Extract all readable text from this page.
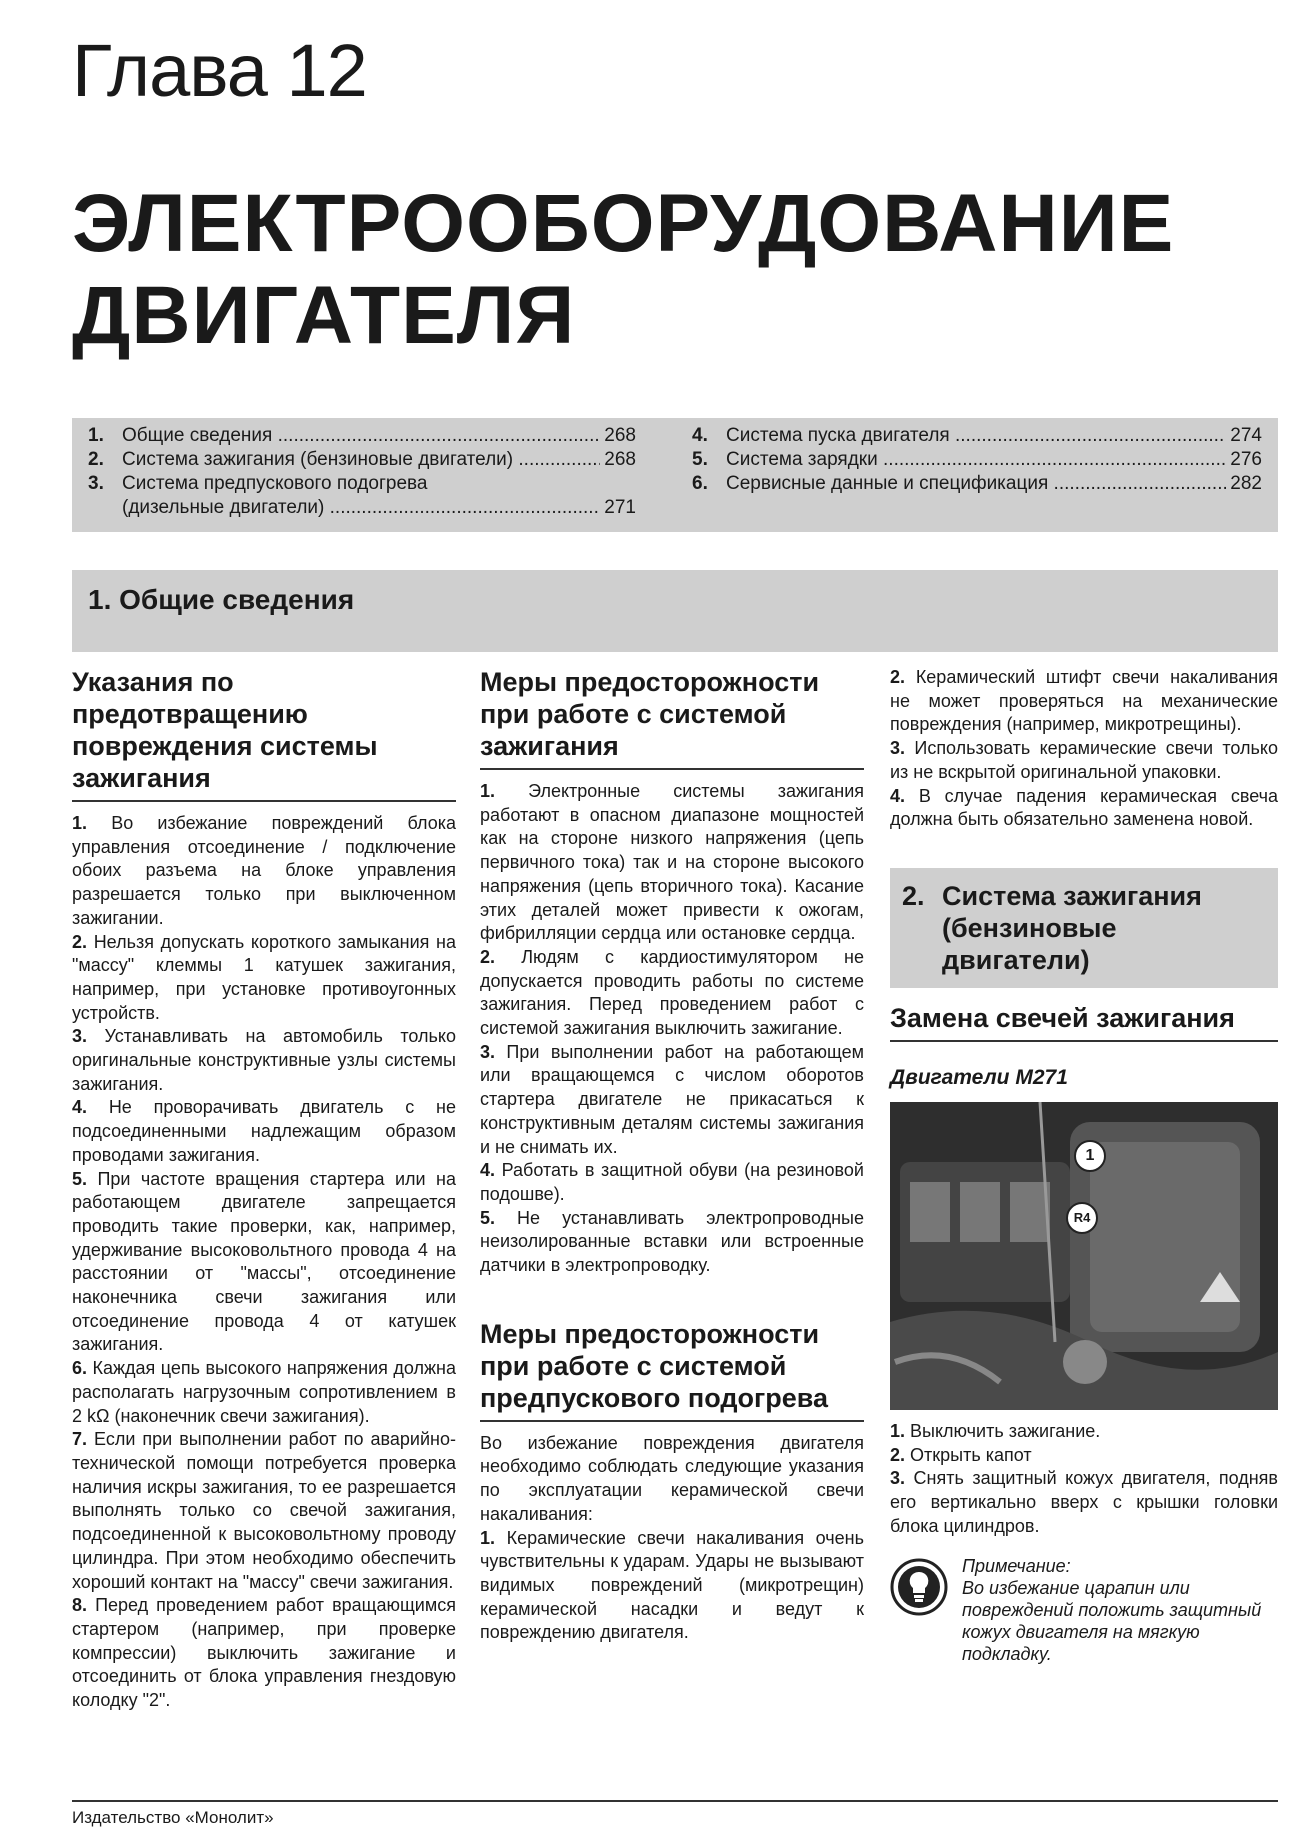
Глава 12
ЭЛЕКТРООБОРУДОВАНИЕ
ДВИГАТЕЛЯ
1. Общие сведения .....	268
2. Система зажигания (бензиновые двигатели) .....	268
3. Система предпускового подогрева
(дизельные двигатели) .....	271
4. Система пуска двигателя .....	274
5. Система зарядки .....	276
6. Сервисные данные и спецификация .....	282
1. Общие сведения
Указания по предотвращению повреждения системы зажигания

1. Во избежание повреждений блока управления отсоединение / подключение обоих разъема на блоке управления разрешается только при выключенном зажигании.

2. Нельзя допускать короткого замыкания на "массу" клеммы 1 катушек зажигания, например, при установке противоугонных устройств.

3. Устанавливать на автомобиль только оригинальные конструктивные узлы системы зажигания.

4. Не проворачивать двигатель с не подсоединенными надлежащим образом проводами зажигания.

5. При частоте вращения стартера или на работающем двигателе запрещается проводить такие проверки, как, например, удерживание высоковольтного провода 4 на расстоянии от "массы", отсоединение наконечника свечи зажигания или отсоединение провода 4 от катушек зажигания.

6. Каждая цепь высокого напряжения должна располагать нагрузочным сопротивлением в 2 kΩ (наконечник свечи зажигания).

7. Если при выполнении работ по аварийно-технической помощи потребуется проверка наличия искры зажигания, то ее разрешается выполнять только со свечой зажигания, подсоединенной к высоковольтному проводу цилиндра. При этом необходимо обеспечить хороший контакт на "массу" свечи зажигания.

8. Перед проведением работ вращающимся стартером (например, при проверке компрессии) выключить зажигание и отсоединить от блока управления гнездовую колодку "2".

Меры предосторожности при работе с системой зажигания

1. Электронные системы зажигания работают в опасном диапазоне мощностей как на стороне низкого напряжения (цепь первичного тока) так и на стороне высокого напряжения (цепь вторичного тока). Касание этих деталей может привести к ожогам, фибрилляции сердца или остановке сердца.

2. Людям с кардиостимулятором не допускается проводить работы по системе зажигания. Перед проведением работ с системой зажигания выключить зажигание.

3. При выполнении работ на работающем или вращающемся с числом оборотов стартера двигателе не прикасаться к конструктивным деталям системы зажигания и не снимать их.

4. Работать в защитной обуви (на резиновой подошве).

5. Не устанавливать электропроводные неизолированные вставки или встроенные датчики в электропроводку.

Меры предосторожности при работе с системой предпускового подогрева

Во избежание повреждения двигателя необходимо соблюдать следующие указания по эксплуатации керамической свечи накаливания:

1. Керамические свечи накаливания очень чувствительны к ударам. Удары не вызывают видимых повреждений (микротрещин) керамической насадки и ведут к повреждению двигателя.

2. Керамический штифт свечи накаливания не может проверяться на механические повреждения (например, микротрещины).

3. Использовать керамические свечи только из не вскрытой оригинальной упаковки.

4. В случае падения керамическая свеча должна быть обязательно заменена новой.

2. Система зажигания (бензиновые двигатели)
Замена свечей зажигания
Двигатели M271
1
R4

1. Выключить зажигание.

2. Открыть капот

3. Снять защитный кожух двигателя, подняв его вертикально вверх с крышки головки блока цилиндров.

Примечание:
Во избежание царапин или повреждений положить защитный кожух двигателя на мягкую подкладку.
Издательство «Монолит»
